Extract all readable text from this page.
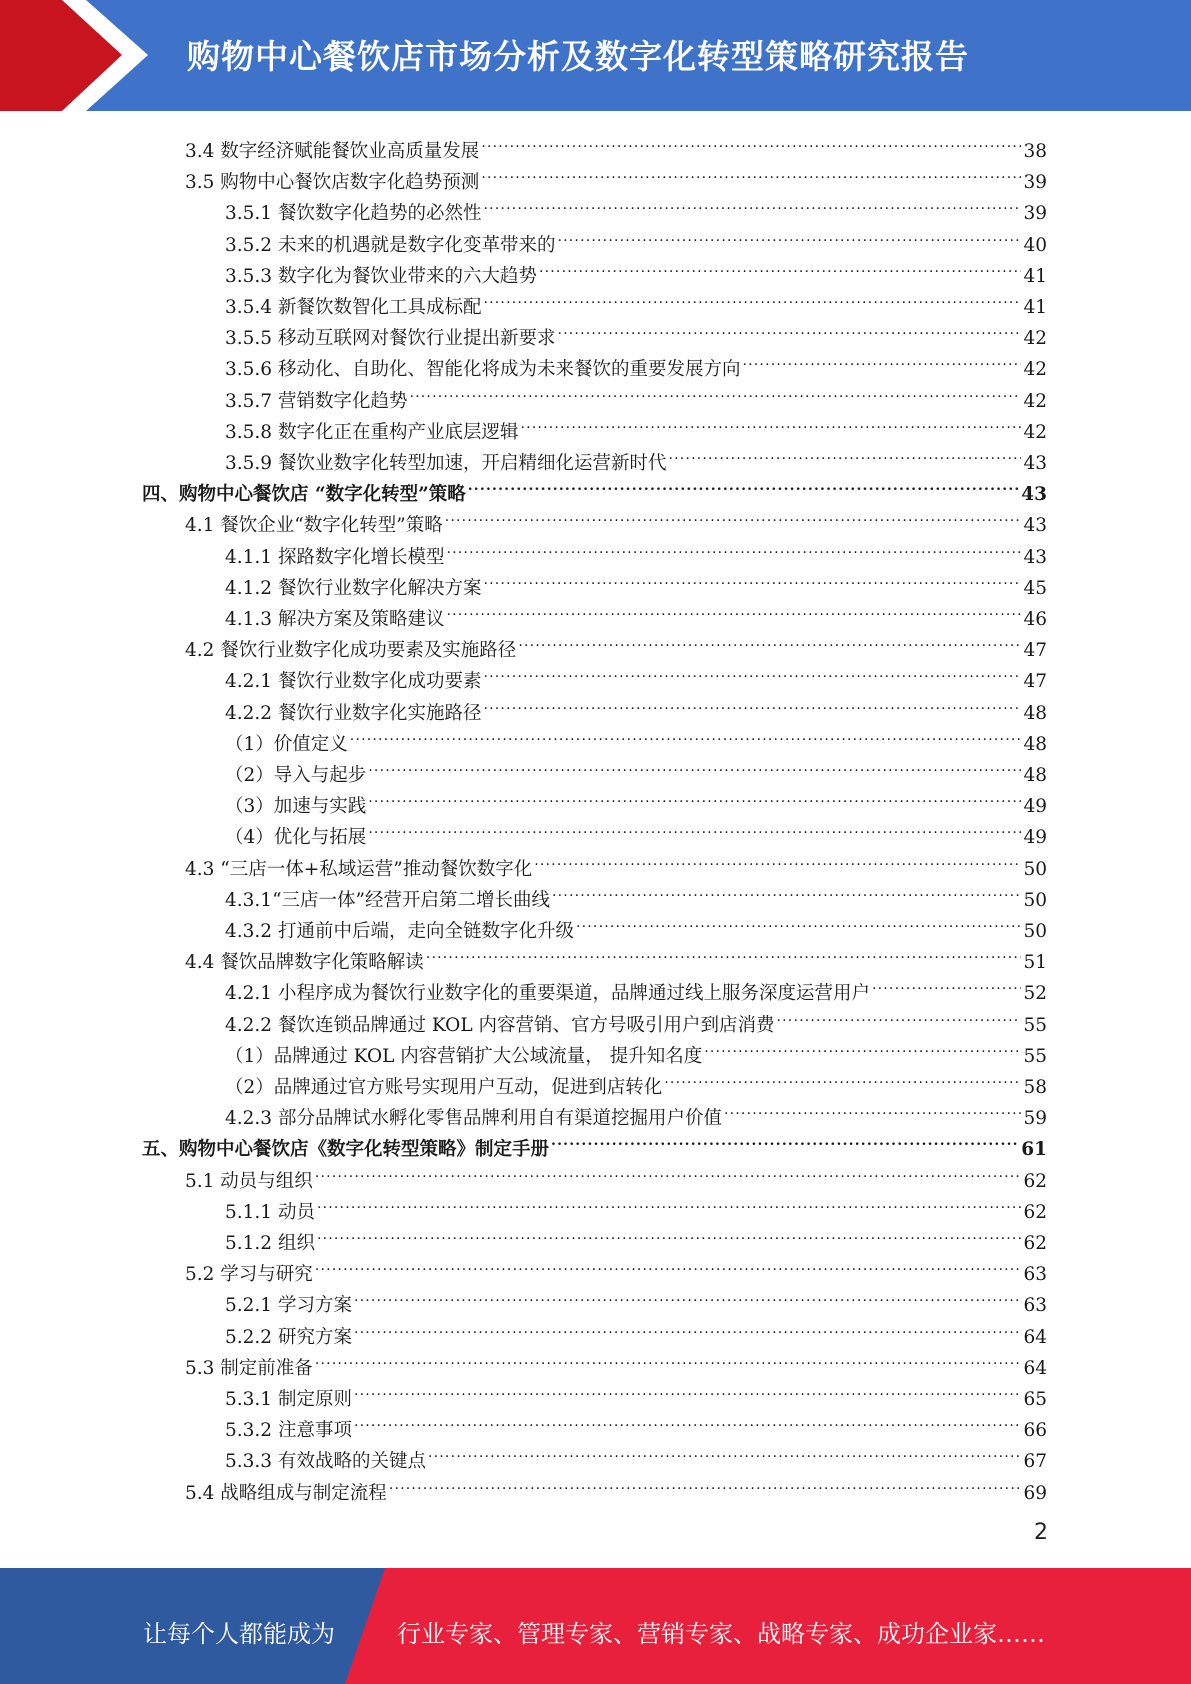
购物中心餐饮店市场分析及数字化转型策略研究报告
3.4 数字经济赋能餐饮业高质量发展 .....	38
3.5 购物中心餐饮店数字化趋势预测 .....	39
3.5.1 餐饮数字化趋势的必然性 .....	39
3.5.2 未来的机遇就是数字化变革带来的 .....	40
3.5.3 数字化为餐饮业带来的六大趋势 .....	41
3.5.4 新餐饮数智化工具成标配 .....	41
3.5.5 移动互联网对餐饮行业提出新要求 .....	42
3.5.6 移动化、自助化、智能化将成为未来餐饮的重要发展方向 .....	42
3.5.7 营销数字化趋势 .....	42
3.5.8 数字化正在重构产业底层逻辑 .....	42
3.5.9 餐饮业数字化转型加速，开启精细化运营新时代 .....	43
四、购物中心餐饮店 “数字化转型”策略 .....	43
4.1 餐饮企业“数字化转型”策略 .....	43
4.1.1 探路数字化增长模型 .....	43
4.1.2 餐饮行业数字化解决方案 .....	45
4.1.3 解决方案及策略建议 .....	46
4.2 餐饮行业数字化成功要素及实施路径 .....	47
4.2.1 餐饮行业数字化成功要素 .....	47
4.2.2 餐饮行业数字化实施路径 .....	48
（1）价值定义 .....	48
（2）导入与起步 .....	48
（3）加速与实践 .....	49
（4）优化与拓展 .....	49
4.3 “三店一体+私域运营”推动餐饮数字化 .....	50
4.3.1“三店一体”经营开启第二增长曲线 .....	50
4.3.2 打通前中后端，走向全链数字化升级 .....	50
4.4 餐饮品牌数字化策略解读 .....	51
4.2.1 小程序成为餐饮行业数字化的重要渠道，品牌通过线上服务深度运营用户 .....	52
4.2.2 餐饮连锁品牌通过 KOL 内容营销、官方号吸引用户到店消费 .....	55
（1）品牌通过 KOL 内容营销扩大公域流量， 提升知名度 .....	55
（2）品牌通过官方账号实现用户互动，促进到店转化 .....	58
4.2.3 部分品牌试水孵化零售品牌利用自有渠道挖掘用户价值 .....	59
五、购物中心餐饮店《数字化转型策略》制定手册 .....	61
5.1 动员与组织 .....	62
5.1.1 动员 .....	62
5.1.2 组织 .....	62
5.2 学习与研究 .....	63
5.2.1 学习方案 .....	63
5.2.2 研究方案 .....	64
5.3 制定前准备 .....	64
5.3.1 制定原则 .....	65
5.3.2 注意事项 .....	66
5.3.3 有效战略的关键点 .....	67
5.4 战略组成与制定流程 .....	69
2
让每个人都能成为	行业专家、管理专家、营销专家、战略专家、成功企业家……
